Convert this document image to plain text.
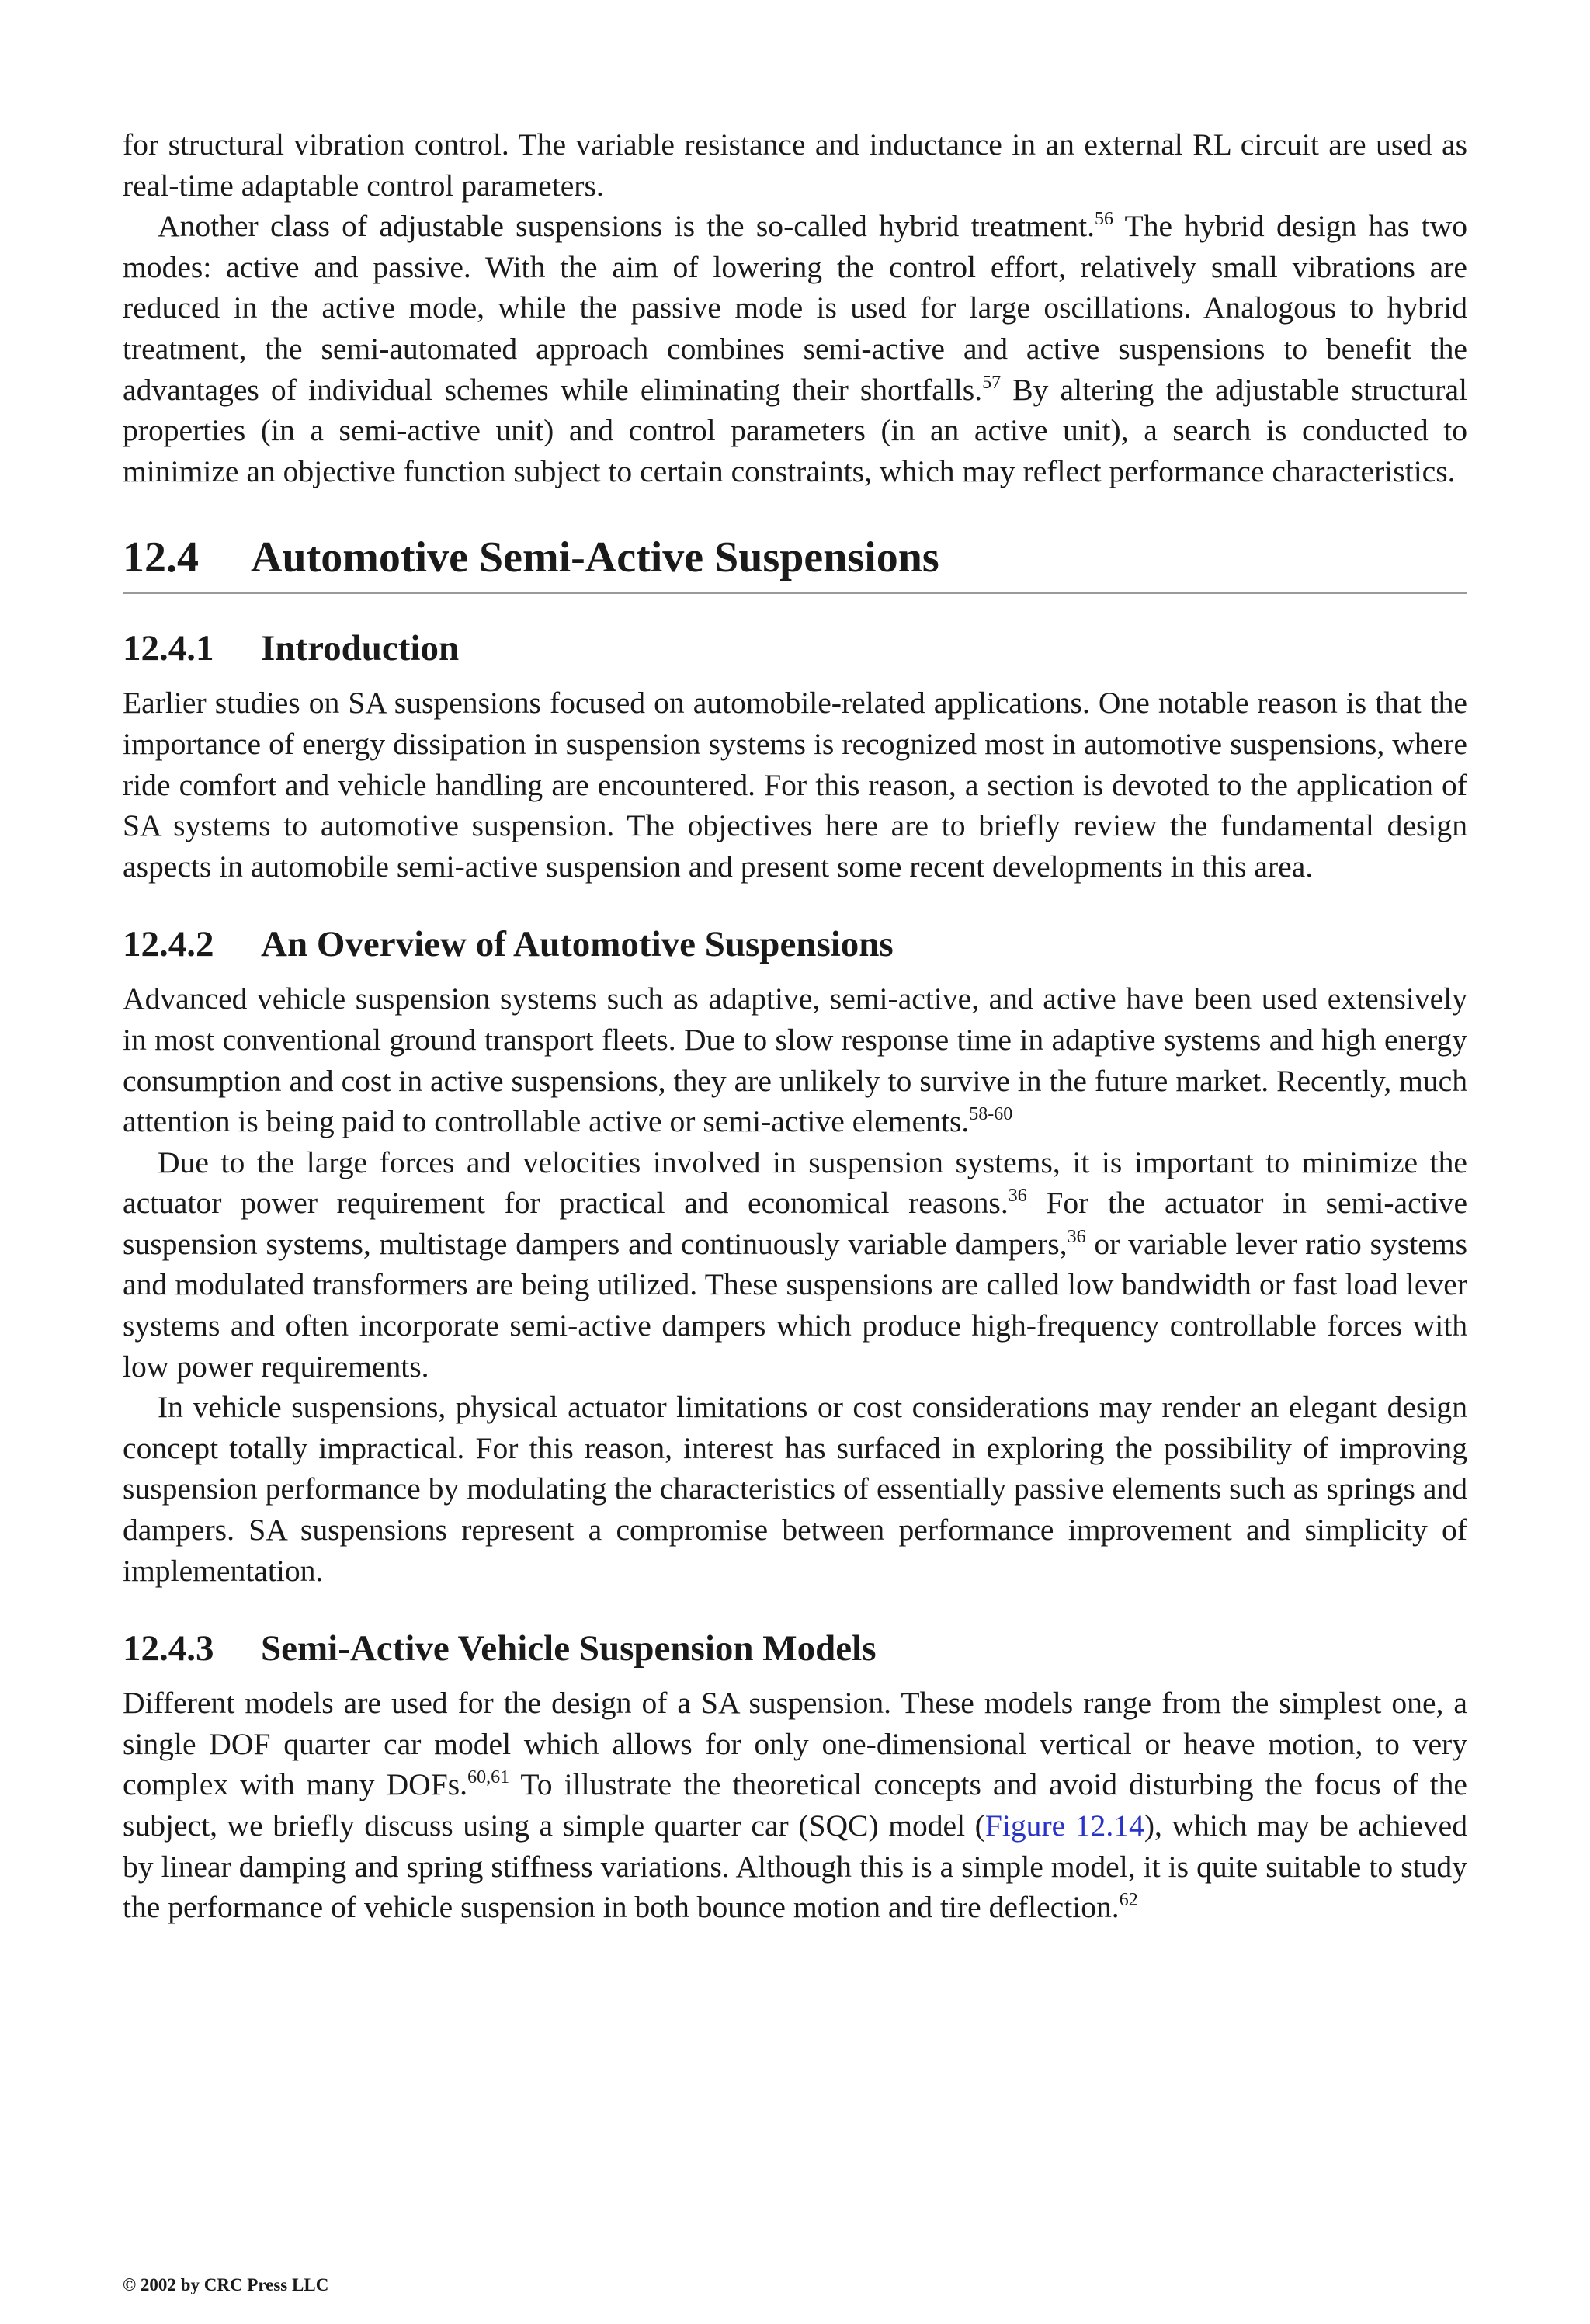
for structural vibration control. The variable resistance and inductance in an external RL circuit are used as real-time adaptable control parameters.

Another class of adjustable suspensions is the so-called hybrid treatment.$^{56}$ The hybrid design has two modes: active and passive. With the aim of lowering the control effort, relatively small vibrations are reduced in the active mode, while the passive mode is used for large oscillations. Analogous to hybrid treatment, the semi-automated approach combines semi-active and active suspensions to benefit the advantages of individual schemes while eliminating their shortfalls.$^{57}$ By altering the adjustable structural properties (in a semi-active unit) and control parameters (in an active unit), a search is conducted to minimize an objective function subject to certain constraints, which may reflect performance characteristics.

12.4 Automotive Semi-Active Suspensions
12.4.1 Introduction

Earlier studies on SA suspensions focused on automobile-related applications. One notable reason is that the importance of energy dissipation in suspension systems is recognized most in automotive suspensions, where ride comfort and vehicle handling are encountered. For this reason, a section is devoted to the application of SA systems to automotive suspension. The objectives here are to briefly review the fundamental design aspects in automobile semi-active suspension and present some recent developments in this area.

12.4.2 An Overview of Automotive Suspensions

Advanced vehicle suspension systems such as adaptive, semi-active, and active have been used extensively in most conventional ground transport fleets. Due to slow response time in adaptive systems and high energy consumption and cost in active suspensions, they are unlikely to survive in the future market. Recently, much attention is being paid to controllable active or semi-active elements.$^{58-60}$

Due to the large forces and velocities involved in suspension systems, it is important to minimize the actuator power requirement for practical and economical reasons.$^{36}$ For the actuator in semi-active suspension systems, multistage dampers and continuously variable dampers,$^{36}$ or variable lever ratio systems and modulated transformers are being utilized. These suspensions are called low bandwidth or fast load lever systems and often incorporate semi-active dampers which produce high-frequency controllable forces with low power requirements.

In vehicle suspensions, physical actuator limitations or cost considerations may render an elegant design concept totally impractical. For this reason, interest has surfaced in exploring the possibility of improving suspension performance by modulating the characteristics of essentially passive elements such as springs and dampers. SA suspensions represent a compromise between performance improvement and simplicity of implementation.

12.4.3 Semi-Active Vehicle Suspension Models

Different models are used for the design of a SA suspension. These models range from the simplest one, a single DOF quarter car model which allows for only one-dimensional vertical or heave motion, to very complex with many DOFs.$^{60,61}$ To illustrate the theoretical concepts and avoid disturbing the focus of the subject, we briefly discuss using a simple quarter car (SQC) model (Figure 12.14), which may be achieved by linear damping and spring stiffness variations. Although this is a simple model, it is quite suitable to study the performance of vehicle suspension in both bounce motion and tire deflection.$^{62}$

© 2002 by CRC Press LLC
